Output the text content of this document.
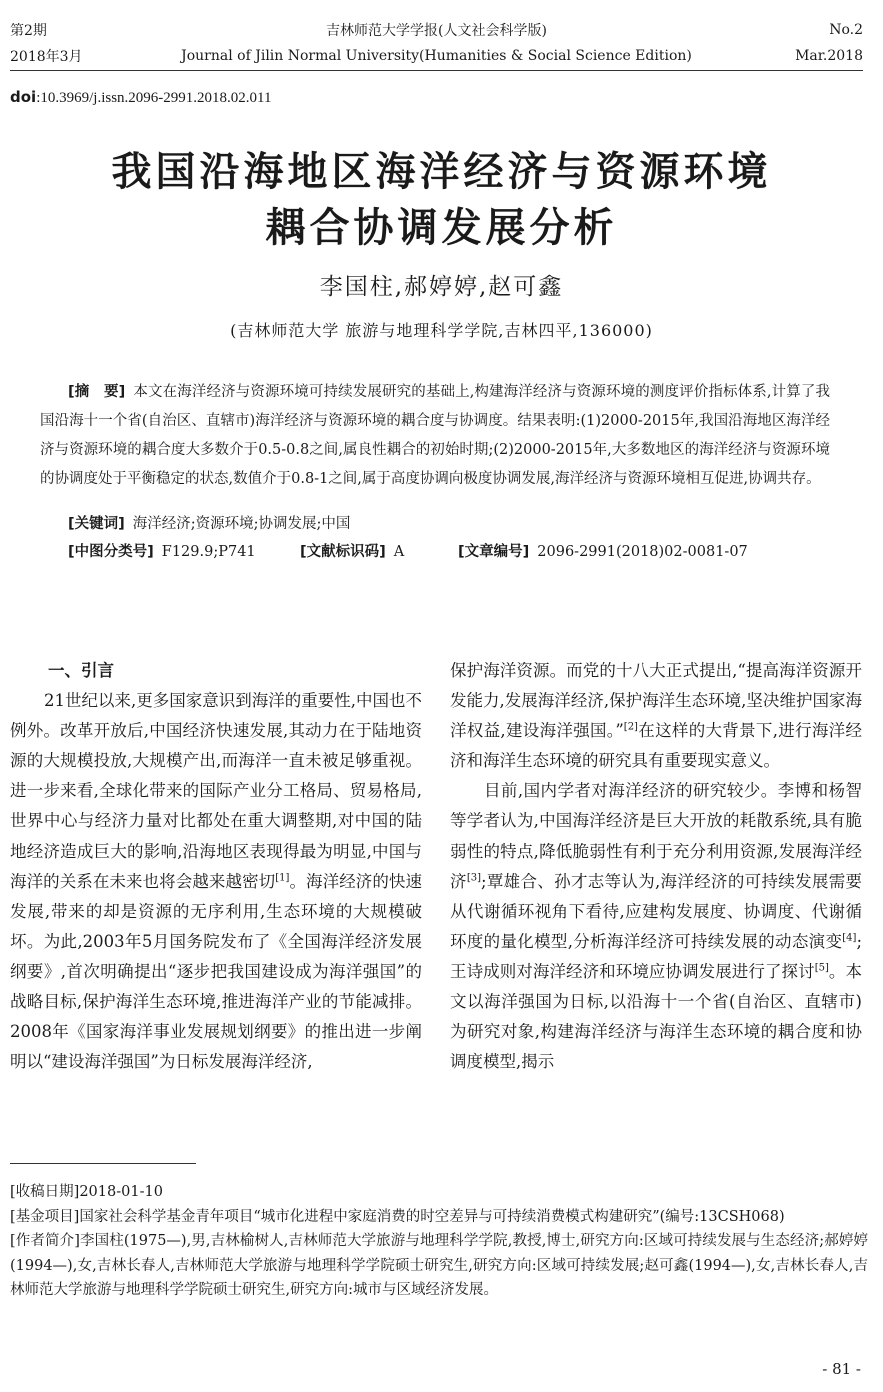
第2期	吉林师范大学学报(人文社会科学版)	No.2
2018年3月	Journal of Jilin Normal University(Humanities & Social Science Edition)	Mar.2018
doi:10.3969/j.issn.2096-2991.2018.02.011
我国沿海地区海洋经济与资源环境
耦合协调发展分析
李国柱,郝婷婷,赵可鑫
(吉林师范大学 旅游与地理科学学院,吉林四平,136000)
[摘　要] 本文在海洋经济与资源环境可持续发展研究的基础上,构建海洋经济与资源环境的测度评价指标体系,计算了我国沿海十一个省(自治区、直辖市)海洋经济与资源环境的耦合度与协调度。结果表明:(1)2000-2015年,我国沿海地区海洋经济与资源环境的耦合度大多数介于0.5-0.8之间,属良性耦合的初始时期;(2)2000-2015年,大多数地区的海洋经济与资源环境的协调度处于平衡稳定的状态,数值介于0.8-1之间,属于高度协调向极度协调发展,海洋经济与资源环境相互促进,协调共存。
[关键词] 海洋经济;资源环境;协调发展;中国
[中图分类号] F129.9;P741	[文献标识码] A	[文章编号] 2096-2991(2018)02-0081-07
一、引言

21世纪以来,更多国家意识到海洋的重要性,中国也不例外。改革开放后,中国经济快速发展,其动力在于陆地资源的大规模投放,大规模产出,而海洋一直未被足够重视。进一步来看,全球化带来的国际产业分工格局、贸易格局,世界中心与经济力量对比都处在重大调整期,对中国的陆地经济造成巨大的影响,沿海地区表现得最为明显,中国与海洋的关系在未来也将会越来越密切[1]。海洋经济的快速发展,带来的却是资源的无序利用,生态环境的大规模破坏。为此,2003年5月国务院发布了《全国海洋经济发展纲要》,首次明确提出“逐步把我国建设成为海洋强国”的战略目标,保护海洋生态环境,推进海洋产业的节能减排。2008年《国家海洋事业发展规划纲要》的推出进一步阐明以“建设海洋强国”为日标发展海洋经济,

保护海洋资源。而党的十八大正式提出,“提高海洋资源开发能力,发展海洋经济,保护海洋生态环境,坚决维护国家海洋权益,建设海洋强国。”[2]在这样的大背景下,进行海洋经济和海洋生态环境的研究具有重要现实意义。

目前,国内学者对海洋经济的研究较少。李博和杨智等学者认为,中国海洋经济是巨大开放的耗散系统,具有脆弱性的特点,降低脆弱性有利于充分利用资源,发展海洋经济[3];覃雄合、孙才志等认为,海洋经济的可持续发展需要从代谢循环视角下看待,应建构发展度、协调度、代谢循环度的量化模型,分析海洋经济可持续发展的动态演变[4];王诗成则对海洋经济和环境应协调发展进行了探讨[5]。本文以海洋强国为日标,以沿海十一个省(自治区、直辖市)为研究对象,构建海洋经济与海洋生态环境的耦合度和协调度模型,揭示

[收稿日期]2018-01-10
[基金项目]国家社会科学基金青年项目“城市化进程中家庭消费的时空差异与可持续消费模式构建研究”(编号:13CSH068)
[作者简介]李国柱(1975—),男,吉林榆树人,吉林师范大学旅游与地理科学学院,教授,博士,研究方向:区域可持续发展与生态经济;郝婷婷(1994—),女,吉林长春人,吉林师范大学旅游与地理科学学院硕士研究生,研究方向:区域可持续发展;赵可鑫(1994—),女,吉林长春人,吉林师范大学旅游与地理科学学院硕士研究生,研究方向:城市与区域经济发展。
- 81 -
